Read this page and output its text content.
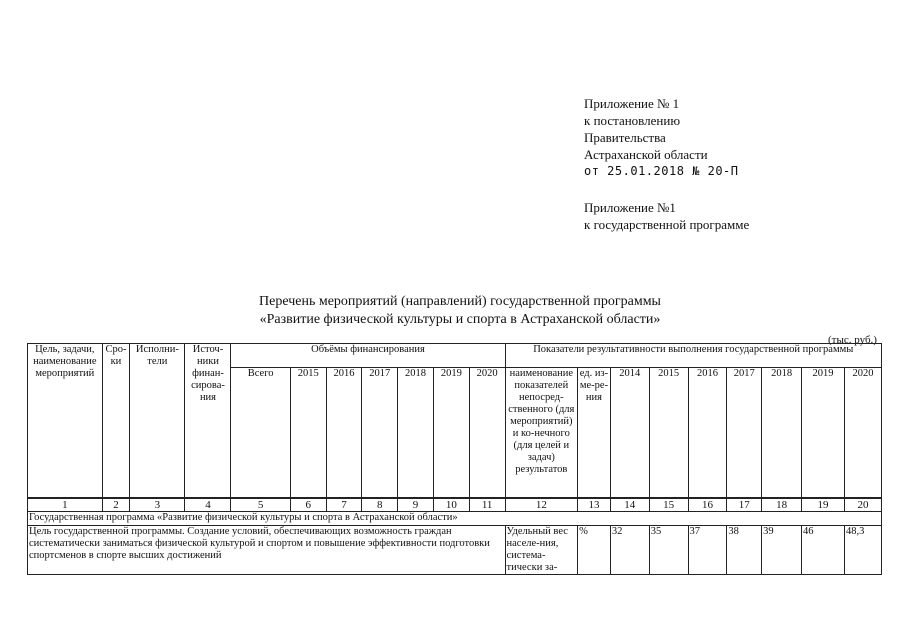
Приложение № 1
к постановлению
Правительства
Астраханской области
от 25.01.2018 № 20-П
Приложение №1
к государственной программе
Перечень мероприятий (направлений) государственной программы
«Развитие физической культуры и спорта в Астраханской области»
(тыс. руб.)
Цель, задачи, наименование мероприятий	Сро-ки	Исполни-тели	Источ-ники финан-сирова-ния	Объёмы финансирования							Показатели результативности выполнения государственной программы								
				Всего	2015	2016	2017	2018	2019	2020	наименование показателей непосред-ственного (для мероприятий) и ко-нечного (для целей и задач) результатов	ед. из-ме-ре-ния	2014	2015	2016	2017	2018	2019	2020
1	2	3	4	5	6	7	8	9	10	11	12	13	14	15	16	17	18	19	20
Государственная программа «Развитие физической культуры и спорта в Астраханской области»																			
Цель государственной программы. Создание условий, обеспечивающих возможность граждан систематически заниматься физической культурой и спортом и повышение эффективности подготовки спортсменов в спорте высших достижений											Удельный вес населе-ния, система-тически за-	%	32	35	37	38	39	46	48,3
